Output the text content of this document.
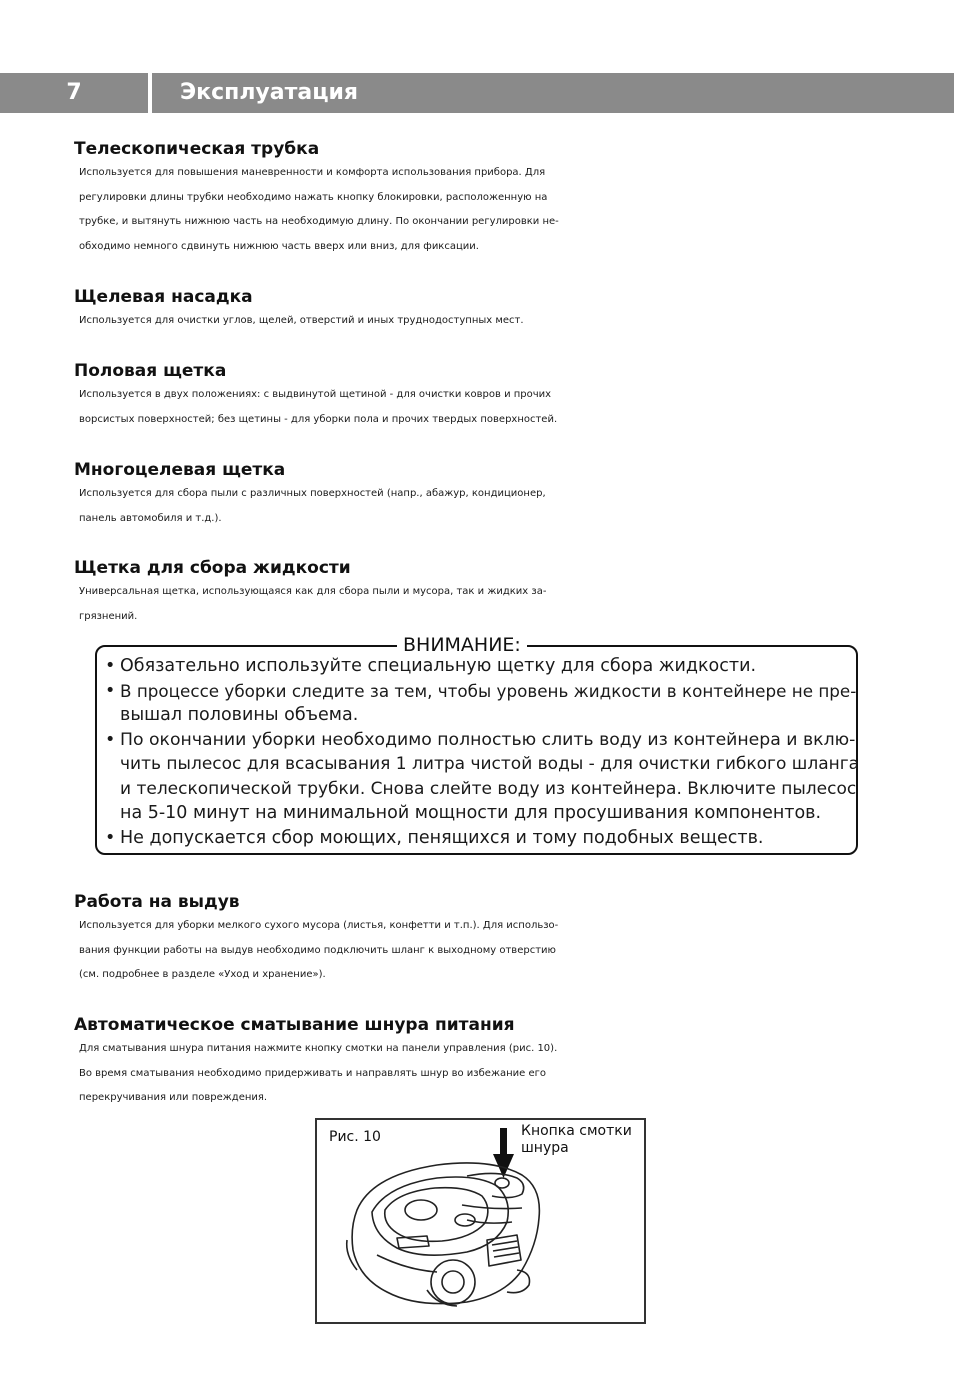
7	Эксплуатация
Телескопическая трубка

Используется для повышения маневренности и комфорта использования прибора. Для

регулировки длины трубки необходимо нажать кнопку блокировки, расположенную на

трубке, и вытянуть нижнюю часть на необходимую длину. По окончании регулировки не-

обходимо немного сдвинуть нижнюю часть вверх или вниз, для фиксации.

Щелевая насадка

Используется для очистки углов, щелей, отверстий и иных труднодоступных мест.

Половая щетка

Используется в двух положениях: с выдвинутой щетиной - для очистки ковров и прочих

ворсистых поверхностей; без щетины - для уборки пола и прочих твердых поверхностей.

Многоцелевая щетка

Используется для сбора пыли с различных поверхностей (напр., абажур, кондиционер,

панель автомобиля и т.д.).

Щетка для сбора жидкости

Универсальная щетка, использующаяся как для сбора пыли и мусора, так и жидких за-

грязнений.

ВНИМАНИЕ:
• Обязательно используйте специальную щетку для сбора жидкости.
• В процессе уборки следите за тем, чтобы уровень жидкости в контейнере не пре-
вышал половины объема.
• По окончании уборки необходимо полностью слить воду из контейнера и вклю-
чить пылесос для всасывания 1 литра чистой воды - для очистки гибкого шланга
и телескопической трубки. Снова слейте воду из контейнера. Включите пылесос
на 5-10 минут на минимальной мощности для просушивания компонентов.
• Не допускается сбор моющих, пенящихся и тому подобных веществ.
Работа на выдув

Используется для уборки мелкого сухого мусора (листья, конфетти и т.п.). Для использо-

вания функции работы на выдув необходимо подключить шланг к выходному отверстию

(см. подробнее в разделе «Уход и хранение»).

Автоматическое сматывание шнура питания

Для сматывания шнура питания нажмите кнопку смотки на панели управления (рис. 10).

Во время сматывания необходимо придерживать и направлять шнур во избежание его

перекручивания или повреждения.

Рис. 10	Кнопка смотки
шнура
